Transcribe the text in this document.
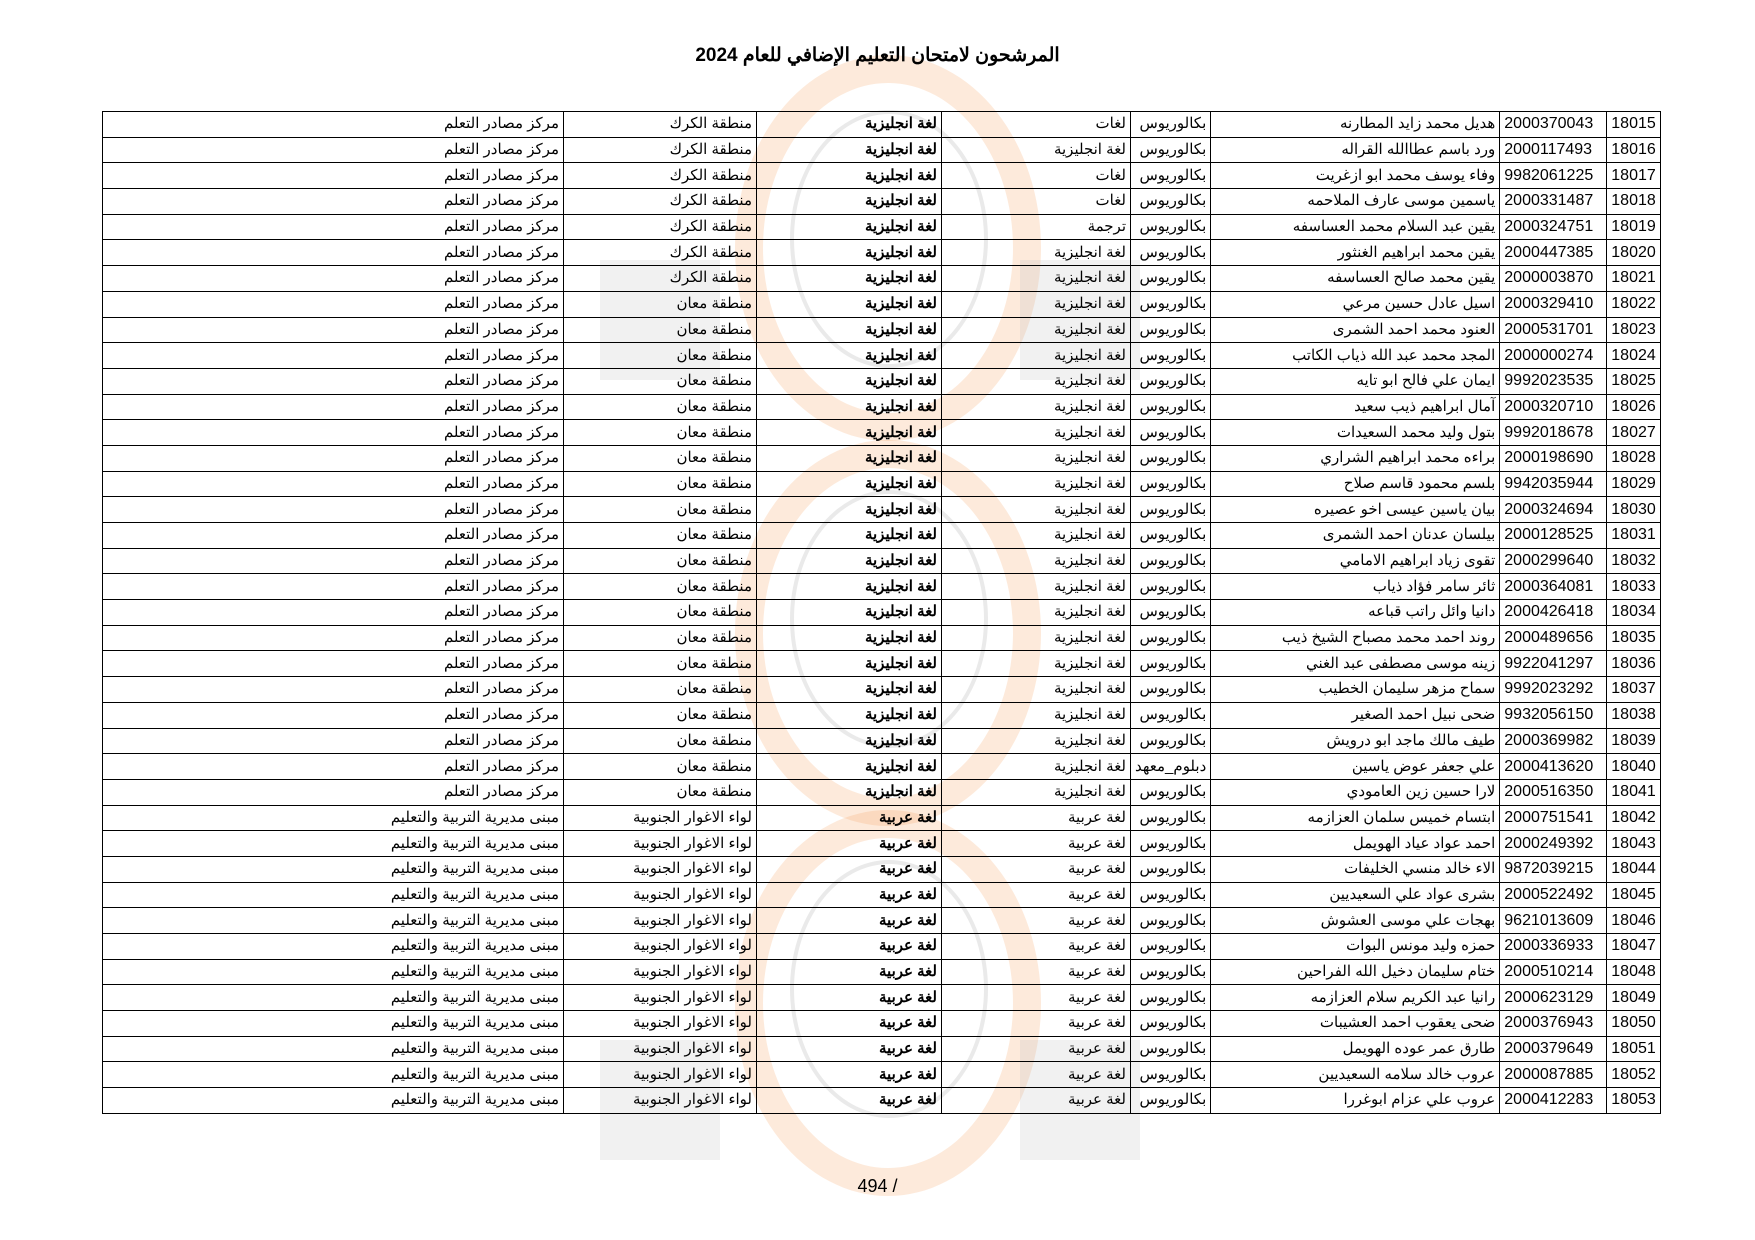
المرشحون لامتحان التعليم الإضافي للعام 2024
18015	2000370043	هديل محمد زايد المطارنه	بكالوريوس	لغات	لغة انجليزية	منطقة الكرك	مركز مصادر التعلم
18016	2000117493	ورد باسم عطاالله القراله	بكالوريوس	لغة انجليزية	لغة انجليزية	منطقة الكرك	مركز مصادر التعلم
18017	9982061225	وفاء يوسف محمد ابو ازغريت	بكالوريوس	لغات	لغة انجليزية	منطقة الكرك	مركز مصادر التعلم
18018	2000331487	ياسمين موسى عارف الملاحمه	بكالوريوس	لغات	لغة انجليزية	منطقة الكرك	مركز مصادر التعلم
18019	2000324751	يقين عبد السلام محمد العساسفه	بكالوريوس	ترجمة	لغة انجليزية	منطقة الكرك	مركز مصادر التعلم
18020	2000447385	يقين محمد ابراهيم الغنثور	بكالوريوس	لغة انجليزية	لغة انجليزية	منطقة الكرك	مركز مصادر التعلم
18021	2000003870	يقين محمد صالح العساسفه	بكالوريوس	لغة انجليزية	لغة انجليزية	منطقة الكرك	مركز مصادر التعلم
18022	2000329410	اسيل عادل حسين مرعي	بكالوريوس	لغة انجليزية	لغة انجليزية	منطقة معان	مركز مصادر التعلم
18023	2000531701	العنود محمد احمد الشمرى	بكالوريوس	لغة انجليزية	لغة انجليزية	منطقة معان	مركز مصادر التعلم
18024	2000000274	المجد محمد عبد الله ذياب الكاتب	بكالوريوس	لغة انجليزية	لغة انجليزية	منطقة معان	مركز مصادر التعلم
18025	9992023535	ايمان علي فالح ابو تايه	بكالوريوس	لغة انجليزية	لغة انجليزية	منطقة معان	مركز مصادر التعلم
18026	2000320710	آمال ابراهيم ذيب سعيد	بكالوريوس	لغة انجليزية	لغة انجليزية	منطقة معان	مركز مصادر التعلم
18027	9992018678	بتول وليد محمد السعيدات	بكالوريوس	لغة انجليزية	لغة انجليزية	منطقة معان	مركز مصادر التعلم
18028	2000198690	براءه محمد ابراهيم الشراري	بكالوريوس	لغة انجليزية	لغة انجليزية	منطقة معان	مركز مصادر التعلم
18029	9942035944	بلسم محمود قاسم صلاح	بكالوريوس	لغة انجليزية	لغة انجليزية	منطقة معان	مركز مصادر التعلم
18030	2000324694	بيان ياسين عيسى اخو عصيره	بكالوريوس	لغة انجليزية	لغة انجليزية	منطقة معان	مركز مصادر التعلم
18031	2000128525	بيلسان عدنان احمد الشمرى	بكالوريوس	لغة انجليزية	لغة انجليزية	منطقة معان	مركز مصادر التعلم
18032	2000299640	تقوى زياد ابراهيم الامامي	بكالوريوس	لغة انجليزية	لغة انجليزية	منطقة معان	مركز مصادر التعلم
18033	2000364081	ثائر سامر فؤاد ذياب	بكالوريوس	لغة انجليزية	لغة انجليزية	منطقة معان	مركز مصادر التعلم
18034	2000426418	دانيا وائل راتب قباعه	بكالوريوس	لغة انجليزية	لغة انجليزية	منطقة معان	مركز مصادر التعلم
18035	2000489656	روند احمد محمد مصباح الشيخ ذيب	بكالوريوس	لغة انجليزية	لغة انجليزية	منطقة معان	مركز مصادر التعلم
18036	9922041297	زينه موسى مصطفى عبد الغني	بكالوريوس	لغة انجليزية	لغة انجليزية	منطقة معان	مركز مصادر التعلم
18037	9992023292	سماح مزهر سليمان الخطيب	بكالوريوس	لغة انجليزية	لغة انجليزية	منطقة معان	مركز مصادر التعلم
18038	9932056150	ضحى نبيل احمد الصغير	بكالوريوس	لغة انجليزية	لغة انجليزية	منطقة معان	مركز مصادر التعلم
18039	2000369982	طيف مالك ماجد ابو درويش	بكالوريوس	لغة انجليزية	لغة انجليزية	منطقة معان	مركز مصادر التعلم
18040	2000413620	علي جعفر عوض ياسين	دبلوم_معهد	لغة انجليزية	لغة انجليزية	منطقة معان	مركز مصادر التعلم
18041	2000516350	لارا حسين زين العامودي	بكالوريوس	لغة انجليزية	لغة انجليزية	منطقة معان	مركز مصادر التعلم
18042	2000751541	ابتسام خميس سلمان العزازمه	بكالوريوس	لغة عربية	لغة عربية	لواء الاغوار الجنوبية	مبنى مديرية التربية والتعليم
18043	2000249392	احمد عواد عياد الهويمل	بكالوريوس	لغة عربية	لغة عربية	لواء الاغوار الجنوبية	مبنى مديرية التربية والتعليم
18044	9872039215	الاء خالد منسي الخليفات	بكالوريوس	لغة عربية	لغة عربية	لواء الاغوار الجنوبية	مبنى مديرية التربية والتعليم
18045	2000522492	بشرى عواد علي السعيديين	بكالوريوس	لغة عربية	لغة عربية	لواء الاغوار الجنوبية	مبنى مديرية التربية والتعليم
18046	9621013609	بهجات علي موسى العشوش	بكالوريوس	لغة عربية	لغة عربية	لواء الاغوار الجنوبية	مبنى مديرية التربية والتعليم
18047	2000336933	حمزه وليد مونس البوات	بكالوريوس	لغة عربية	لغة عربية	لواء الاغوار الجنوبية	مبنى مديرية التربية والتعليم
18048	2000510214	ختام سليمان دخيل الله الفراحين	بكالوريوس	لغة عربية	لغة عربية	لواء الاغوار الجنوبية	مبنى مديرية التربية والتعليم
18049	2000623129	رانيا عبد الكريم سلام العزازمه	بكالوريوس	لغة عربية	لغة عربية	لواء الاغوار الجنوبية	مبنى مديرية التربية والتعليم
18050	2000376943	ضحى يعقوب احمد العشيبات	بكالوريوس	لغة عربية	لغة عربية	لواء الاغوار الجنوبية	مبنى مديرية التربية والتعليم
18051	2000379649	طارق عمر عوده الهويمل	بكالوريوس	لغة عربية	لغة عربية	لواء الاغوار الجنوبية	مبنى مديرية التربية والتعليم
18052	2000087885	عروب خالد سلامه السعيديين	بكالوريوس	لغة عربية	لغة عربية	لواء الاغوار الجنوبية	مبنى مديرية التربية والتعليم
18053	2000412283	عروب علي عزام ابوغررا	بكالوريوس	لغة عربية	لغة عربية	لواء الاغوار الجنوبية	مبنى مديرية التربية والتعليم
494 /
